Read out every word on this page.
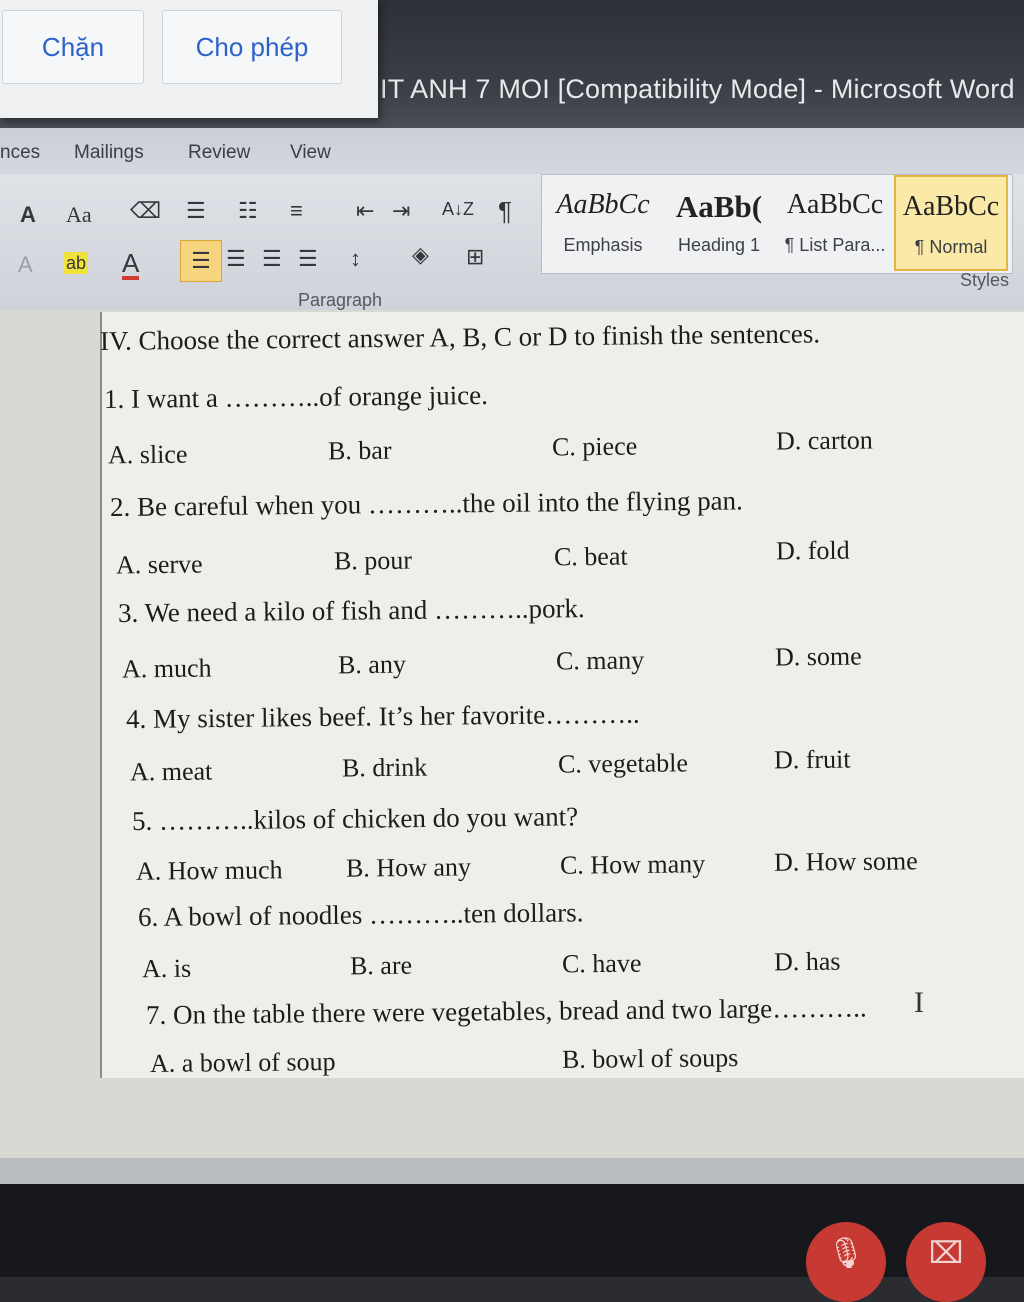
IT ANH 7 MOI [Compatibility Mode] - Microsoft Word
Chặn	Cho phép
nces Mailings Review View
A Aa ⌫ ☰ ☷ ≡ ⇤ ⇥ A↓Z ¶
A ab A	☰ ☰ ☰ ☰ ↕ ◈ ⊞
Paragraph
AaBbCc
Emphasis
AaBb(
Heading 1
AaBbCc
¶ List Para...
AaBbCc
¶ Normal
Styles
IV. Choose the correct answer A, B, C or D to finish the sentences.
1. I want a ………..of orange juice.
A. slice	B. bar	C. piece	D. carton
2. Be careful when you ………..the oil into the flying pan.
A. serve	B. pour	C. beat	D. fold
3. We need a kilo of fish and ………..pork.
A. much	B. any	C. many	D. some
4. My sister likes beef. It’s her favorite………..
A. meat	B. drink	C. vegetable	D. fruit
5. ………..kilos of chicken do you want?
A. How much B. How any	C. How many	D. How some
6. A bowl of noodles ………..ten dollars.
A. is	B. are	C. have	D. has
7. On the table there were vegetables, bread and two large………..
A. a bowl of soup	B. bowl of soups
I
🎙	⌧
